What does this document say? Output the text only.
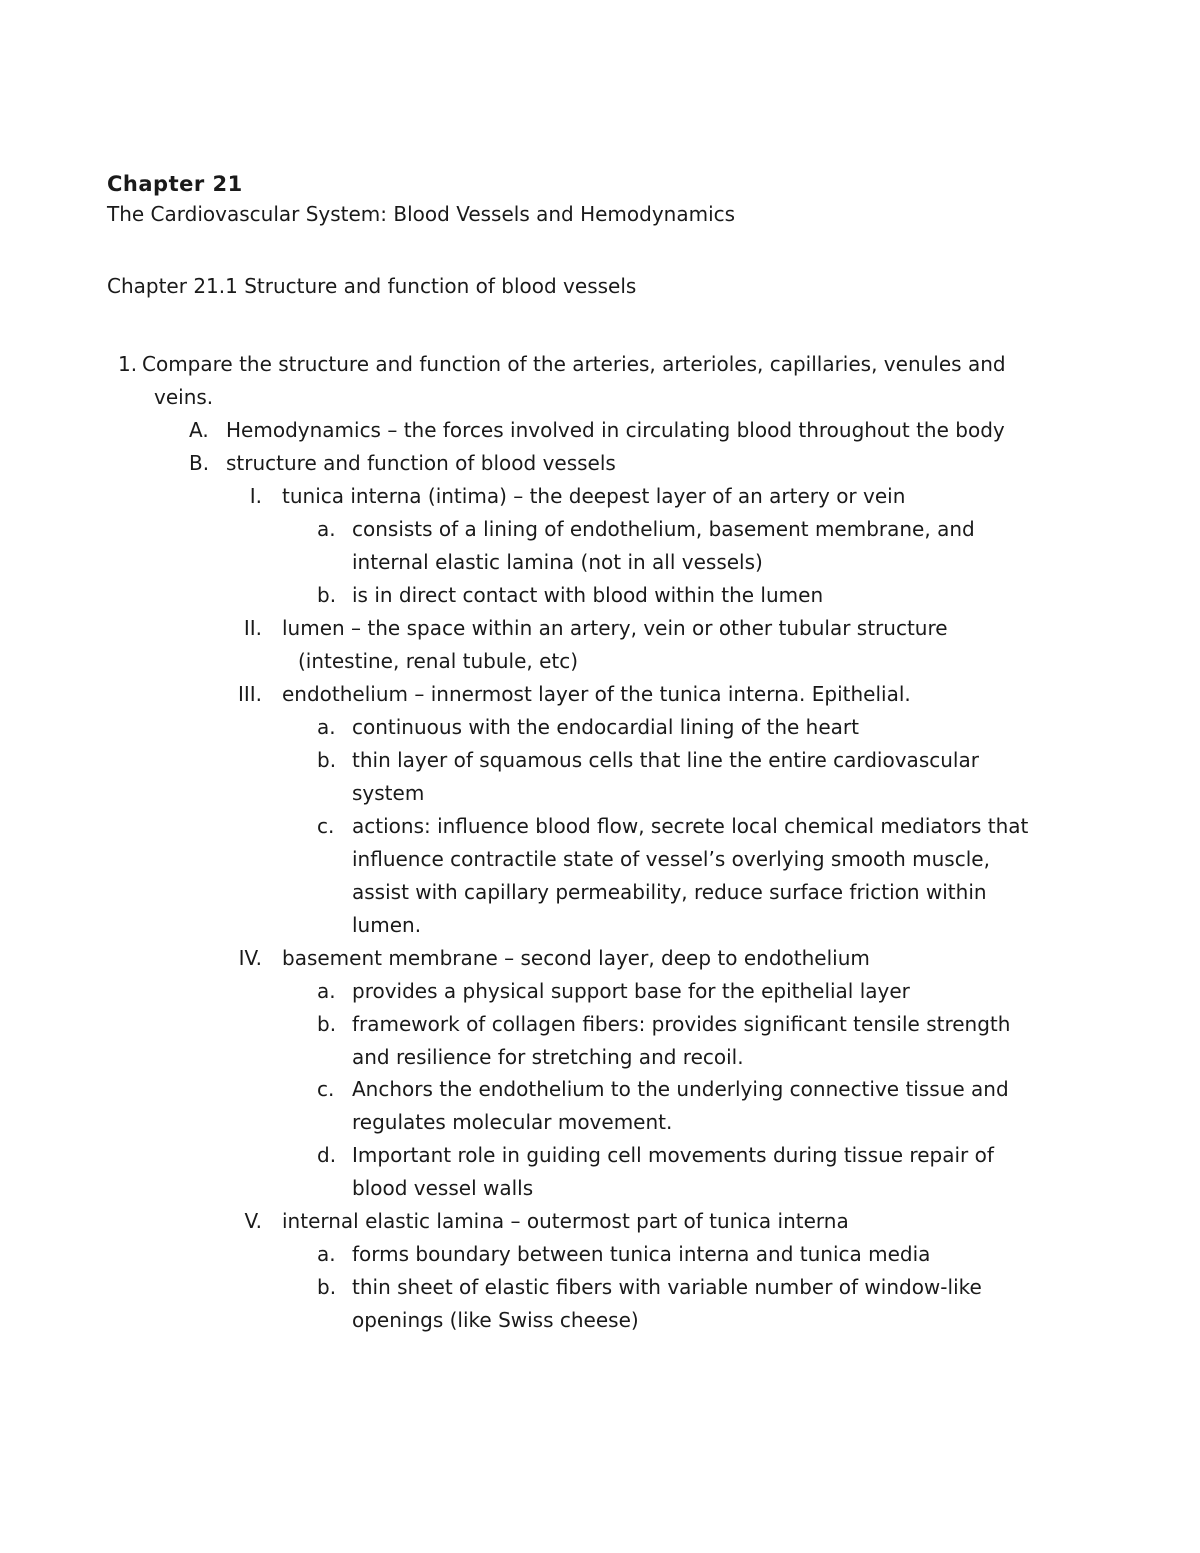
Chapter 21
The Cardiovascular System: Blood Vessels and Hemodynamics
Chapter 21.1 Structure and function of blood vessels
1. Compare the structure and function of the arteries, arterioles, capillaries, venules and
veins.
A. Hemodynamics – the forces involved in circulating blood throughout the body
B. structure and function of blood vessels
I. tunica interna (intima) – the deepest layer of an artery or vein
a. consists of a lining of endothelium, basement membrane, and
internal elastic lamina (not in all vessels)
b. is in direct contact with blood within the lumen
II. lumen – the space within an artery, vein or other tubular structure
(intestine, renal tubule, etc)
III. endothelium – innermost layer of the tunica interna. Epithelial.
a. continuous with the endocardial lining of the heart
b. thin layer of squamous cells that line the entire cardiovascular
system
c. actions: influence blood flow, secrete local chemical mediators that
influence contractile state of vessel’s overlying smooth muscle,
assist with capillary permeability, reduce surface friction within
lumen.
IV. basement membrane – second layer, deep to endothelium
a. provides a physical support base for the epithelial layer
b. framework of collagen fibers: provides significant tensile strength
and resilience for stretching and recoil.
c. Anchors the endothelium to the underlying connective tissue and
regulates molecular movement.
d. Important role in guiding cell movements during tissue repair of
blood vessel walls
V. internal elastic lamina – outermost part of tunica interna
a. forms boundary between tunica interna and tunica media
b. thin sheet of elastic fibers with variable number of window-like
openings (like Swiss cheese)
